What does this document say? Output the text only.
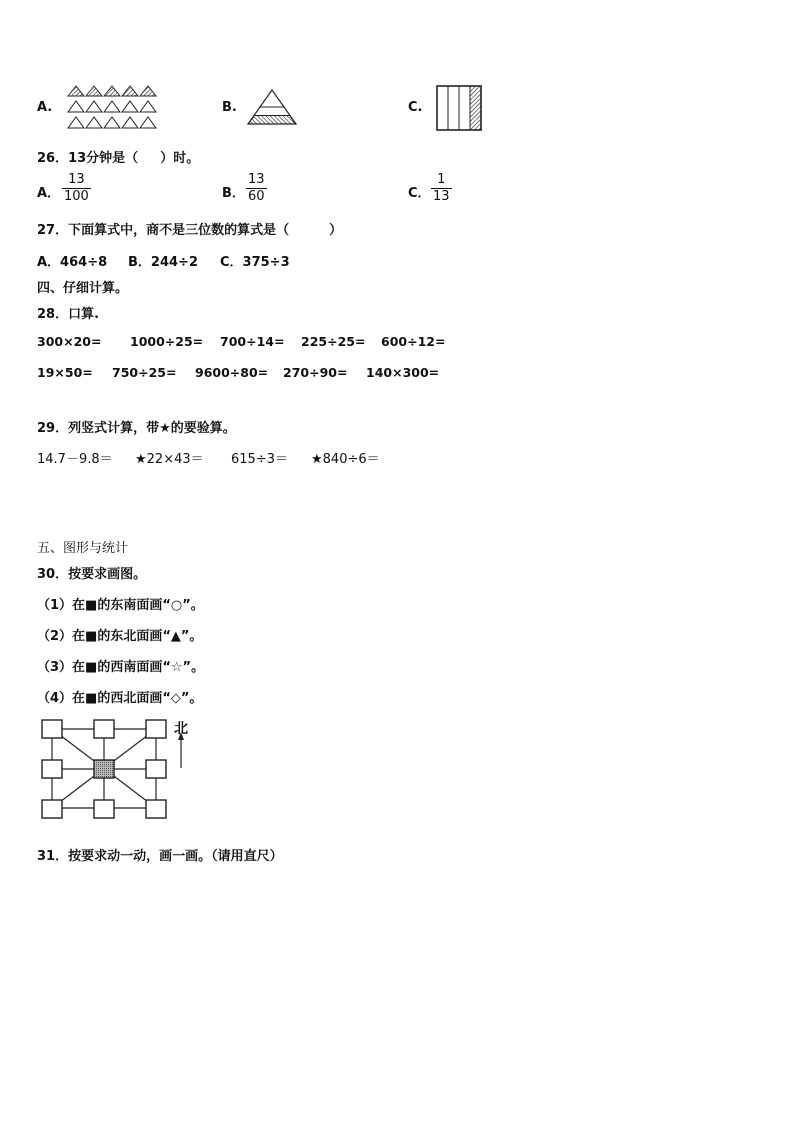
A.	B.	C.
26．13分钟是（ ）时。
A．
13
100	B．
13
60	C．
1
13
27．下面算式中，商不是三位数的算式是（	）
A．464÷8 B．244÷2 C．375÷3
四、仔细计算。
28．口算.
300×20= 1000÷25= 700÷14= 225÷25= 600÷12=
19×50= 750÷25= 9600÷80= 270÷90= 140×300=
29．列竖式计算，带★的要验算。
14.7－9.8＝ ★22×43＝ 615÷3＝ ★840÷6＝
五、图形与统计
30．按要求画图。
（1）在■的东南面画“○”。
（2）在■的东北面画“▲”。
（3）在■的西南面画“☆”。
（4）在■的西北面画“◇”。
北
31．按要求动一动，画一画。（请用直尺）
